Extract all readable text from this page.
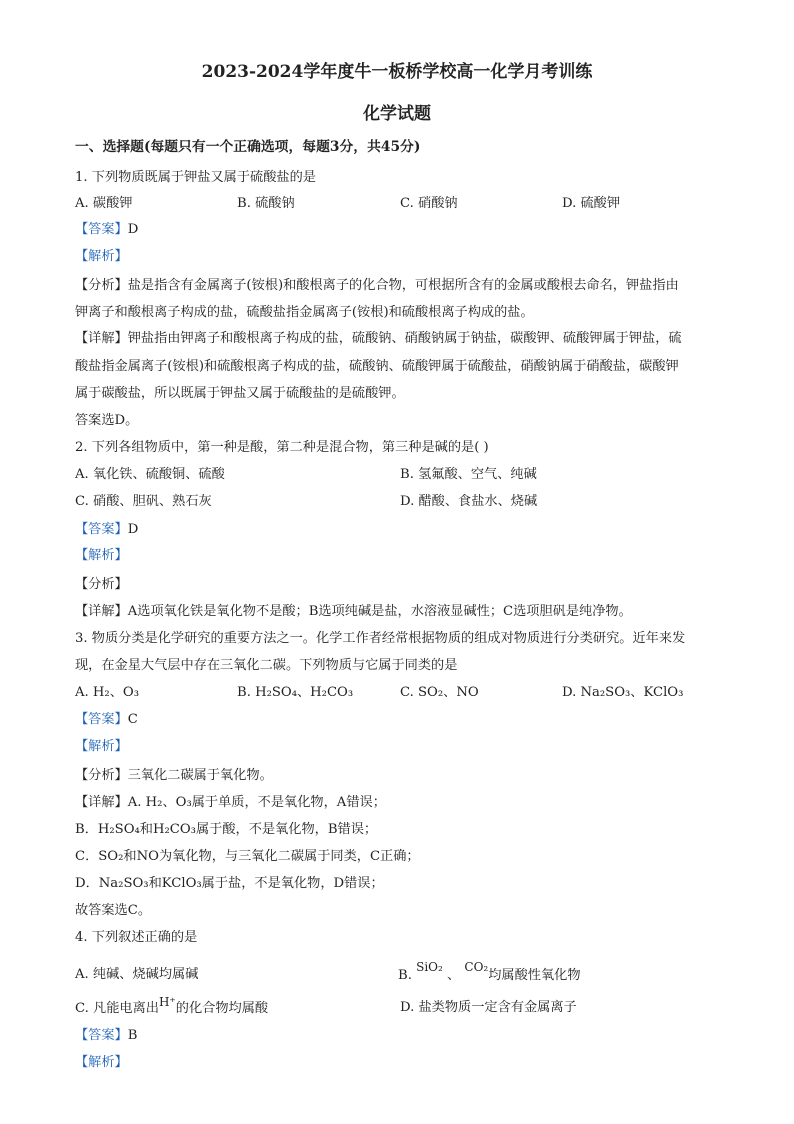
2023-2024学年度牛一板桥学校高一化学月考训练
化学试题
一、选择题(每题只有一个正确选项，每题3分，共45分)
1. 下列物质既属于钾盐又属于硫酸盐的是
A. 碳酸钾	B. 硫酸钠	C. 硝酸钠	D. 硫酸钾
【答案】D
【解析】
【分析】盐是指含有金属离子(铵根)和酸根离子的化合物，可根据所含有的金属或酸根去命名，钾盐指由
钾离子和酸根离子构成的盐，硫酸盐指金属离子(铵根)和硫酸根离子构成的盐。
【详解】钾盐指由钾离子和酸根离子构成的盐，硫酸钠、硝酸钠属于钠盐，碳酸钾、硫酸钾属于钾盐，硫
酸盐指金属离子(铵根)和硫酸根离子构成的盐，硫酸钠、硫酸钾属于硫酸盐，硝酸钠属于硝酸盐，碳酸钾
属于碳酸盐，所以既属于钾盐又属于硫酸盐的是硫酸钾。
答案选D。
2. 下列各组物质中，第一种是酸，第二种是混合物，第三种是碱的是( )
A. 氧化铁、硫酸铜、硫酸	B. 氢氟酸、空气、纯碱
C. 硝酸、胆矾、熟石灰	D. 醋酸、食盐水、烧碱
【答案】D
【解析】
【分析】
【详解】A选项氧化铁是氧化物不是酸；B选项纯碱是盐，水溶液显碱性；C选项胆矾是纯净物。
3. 物质分类是化学研究的重要方法之一。化学工作者经常根据物质的组成对物质进行分类研究。近年来发
现，在金星大气层中存在三氧化二碳。下列物质与它属于同类的是
A. H₂、O₃	B. H₂SO₄、H₂CO₃	C. SO₂、NO	D. Na₂SO₃、KClO₃
【答案】C
【解析】
【分析】三氧化二碳属于氧化物。
【详解】A. H₂、O₃属于单质，不是氧化物，A错误；
B．H₂SO₄和H₂CO₃属于酸，不是氧化物，B错误；
C．SO₂和NO为氧化物，与三氧化二碳属于同类，C正确；
D．Na₂SO₃和KClO₃属于盐，不是氧化物，D错误；
故答案选C。
4. 下列叙述正确的是
A. 纯碱、烧碱均属碱	B. SiO₂ 、 CO₂均属酸性氧化物
C. 凡能电离出H⁺的化合物均属酸	D. 盐类物质一定含有金属离子
【答案】B
【解析】
